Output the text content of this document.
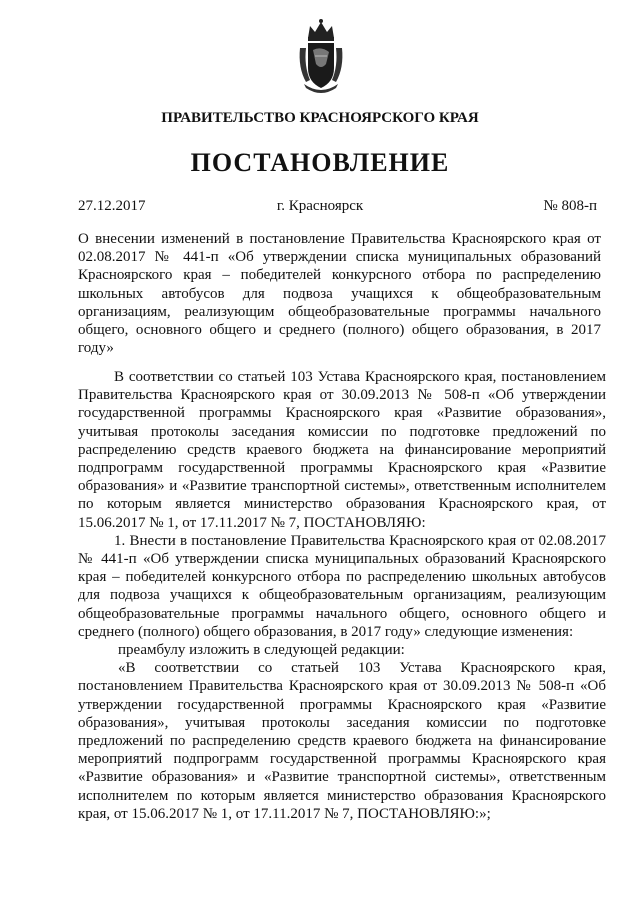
ПРАВИТЕЛЬСТВО КРАСНОЯРСКОГО КРАЯ
ПОСТАНОВЛЕНИЕ
27.12.2017	г. Красноярск	№ 808-п
О внесении изменений в постановление Правительства Красноярского края от 02.08.2017 № 441-п «Об утверждении списка муниципальных образований Красноярского края – победителей конкурсного отбора по распределению школьных автобусов для подвоза учащихся к общеобразовательным организациям, реализующим общеобразовательные программы начального общего, основного общего и среднего (полного) общего образования, в 2017 году»

В соответствии со статьей 103 Устава Красноярского края, постановлением Правительства Красноярского края от 30.09.2013 № 508-п «Об утверждении государственной программы Красноярского края «Развитие образования», учитывая протоколы заседания комиссии по подготовке предложений по распределению средств краевого бюджета на финансирование мероприятий подпрограмм государственной программы Красноярского края «Развитие образования» и «Развитие транспортной системы», ответственным исполнителем по которым является министерство образования Красноярского края, от 15.06.2017 № 1, от 17.11.2017 № 7, ПОСТАНОВЛЯЮ:

1. Внести в постановление Правительства Красноярского края от 02.08.2017 № 441-п «Об утверждении списка муниципальных образований Красноярского края – победителей конкурсного отбора по распределению школьных автобусов для подвоза учащихся к общеобразовательным организациям, реализующим общеобразовательные программы начального общего, основного общего и среднего (полного) общего образования, в 2017 году» следующие изменения:

преамбулу изложить в следующей редакции:

«В соответствии со статьей 103 Устава Красноярского края, постановлением Правительства Красноярского края от 30.09.2013 № 508-п «Об утверждении государственной программы Красноярского края «Развитие образования», учитывая протоколы заседания комиссии по подготовке предложений по распределению средств краевого бюджета на финансирование мероприятий подпрограмм государственной программы Красноярского края «Развитие образования» и «Развитие транспортной системы», ответственным исполнителем по которым является министерство образования Красноярского края, от 15.06.2017 № 1, от 17.11.2017 № 7, ПОСТАНОВЛЯЮ:»;
